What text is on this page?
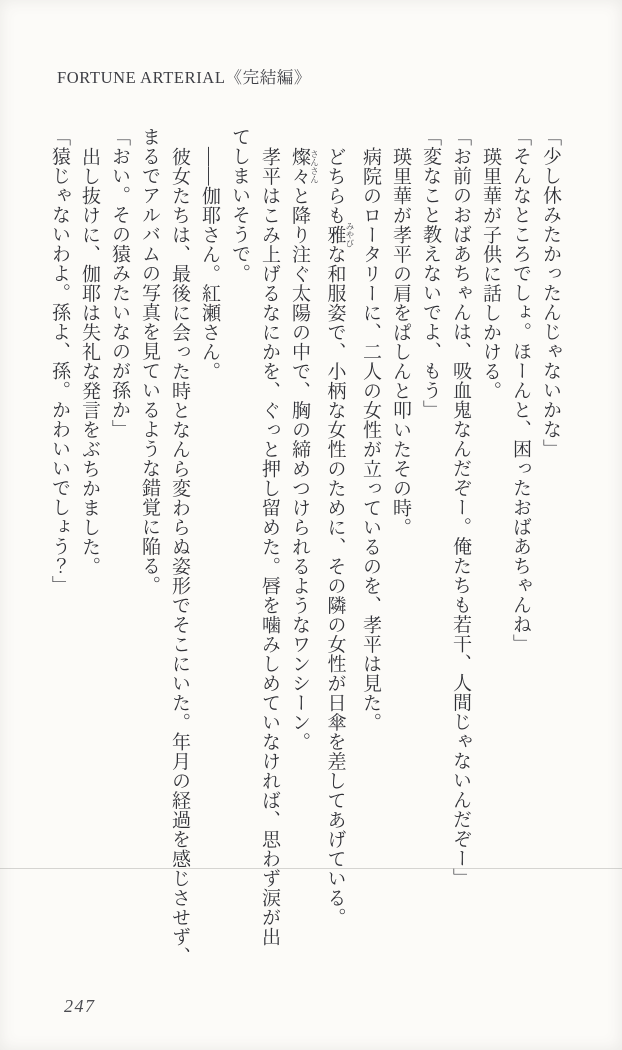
FORTUNE ARTERIAL《完結編》
「少し休みたかったんじゃないかな」
「そんなところでしょ。ほーんと、困ったおばあちゃんね」
瑛里華が子供に話しかける。
「お前のおばあちゃんは、吸血鬼なんだぞー。俺たちも若干、人間じゃないんだぞー」
「変なこと教えないでよ、もう」
瑛里華が孝平の肩をぱしんと叩いたその時。
病院のロータリーに、二人の女性が立っているのを、孝平は見た。
どちらも雅 みやびな和服姿で、小柄な女性のために、その隣の女性が日傘を差してあげている。
燦々 さんさんと降り注ぐ太陽の中で、胸の締めつけられるようなワンシーン。
孝平はこみ上げるなにかを、ぐっと押し留めた。唇を噛みしめていなければ、思わず涙が出
てしまいそうで。
——伽耶さん。紅瀬さん。
彼女たちは、最後に会った時となんら変わらぬ姿形でそこにいた。年月の経過を感じさせず、
まるでアルバムの写真を見ているような錯覚に陥る。
「おい。その猿みたいなのが孫か」
出し抜けに、伽耶は失礼な発言をぶちかました。
「猿じゃないわよ。孫よ、孫。かわいいでしょう？」
247
